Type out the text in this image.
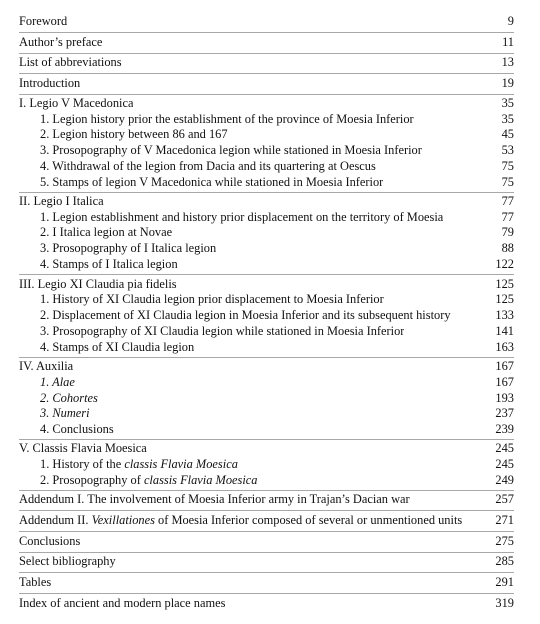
Foreword	9
Author’s preface	11
List of abbreviations	13
Introduction	19
I. Legio V Macedonica	35
1. Legion history prior the establishment of the province of Moesia Inferior	35
2. Legion history between 86 and 167	45
3. Prosopography of V Macedonica legion while stationed in Moesia Inferior	53
4. Withdrawal of the legion from Dacia and its quartering at Oescus	75
5. Stamps of legion V Macedonica while stationed in Moesia Inferior	75
II. Legio I Italica	77
1. Legion establishment and history prior displacement on the territory of Moesia	77
2. I Italica legion at Novae	79
3. Prosopography of I Italica legion	88
4. Stamps of I Italica legion	122
III. Legio XI Claudia pia fidelis	125
1. History of XI Claudia legion prior displacement to Moesia Inferior	125
2. Displacement of XI Claudia legion in Moesia Inferior and its subsequent history	133
3. Prosopography of XI Claudia legion while stationed in Moesia Inferior	141
4. Stamps of XI Claudia legion	163
IV. Auxilia	167
1. Alae	167
2. Cohortes	193
3. Numeri	237
4. Conclusions	239
V. Classis Flavia Moesica	245
1. History of the classis Flavia Moesica	245
2. Prosopography of classis Flavia Moesica	249
Addendum I. The involvement of Moesia Inferior army in Trajan’s Dacian war	257
Addendum II. Vexillationes of Moesia Inferior composed of several or unmentioned units	271
Conclusions	275
Select bibliography	285
Tables	291
Index of ancient and modern place names	319
